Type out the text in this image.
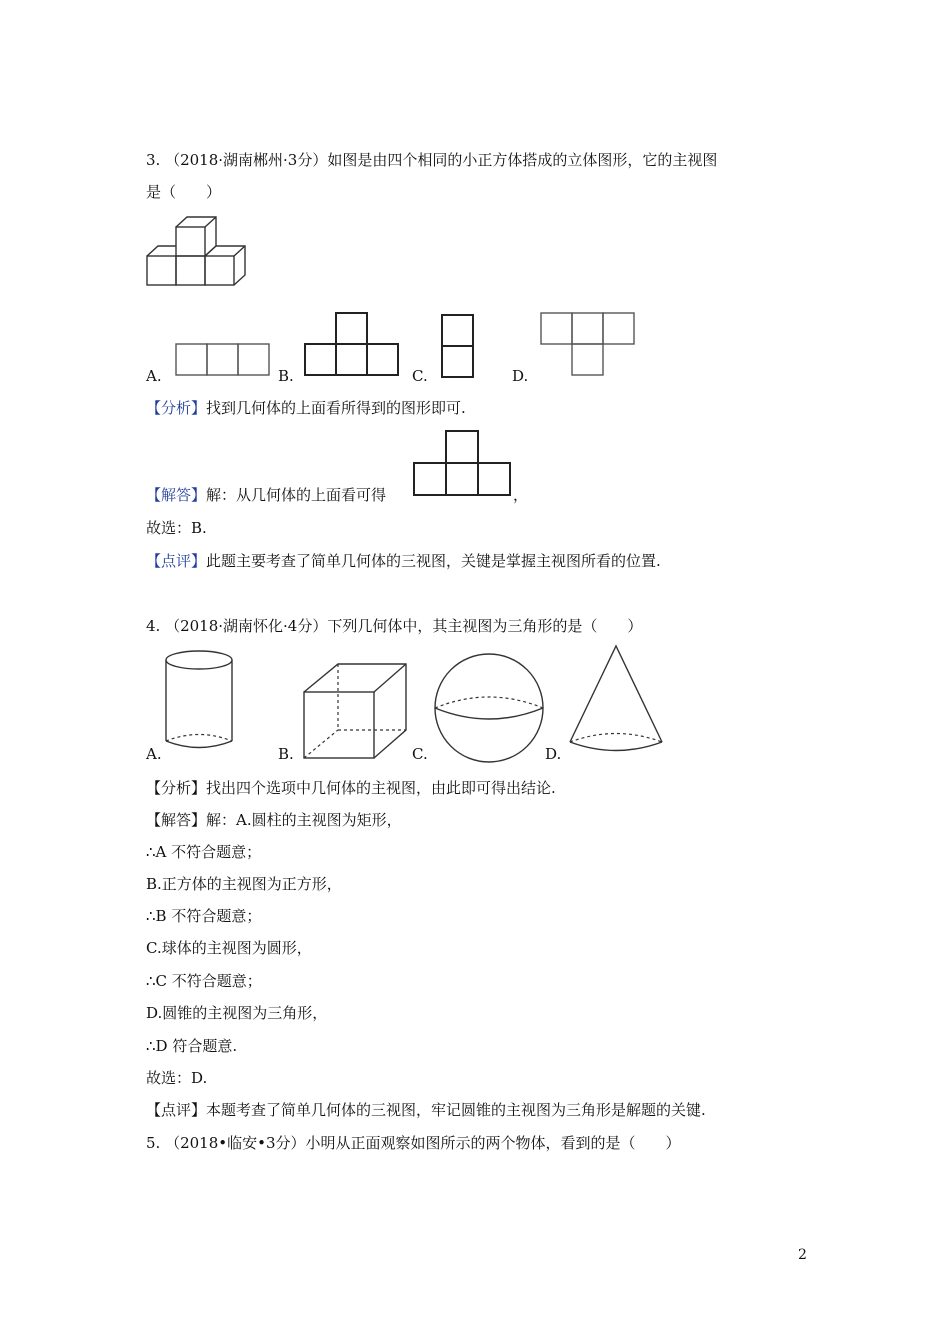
3. （2018·湖南郴州·3分）如图是由四个相同的小正方体搭成的立体图形，它的主视图
是（　　）
A.	B.	C.	D.
【分析】找到几何体的上面看所得到的图形即可.
【解答】解：从几何体的上面看可得	，
故选：B.
【点评】此题主要考查了简单几何体的三视图，关键是掌握主视图所看的位置.
4. （2018·湖南怀化·4分）下列几何体中，其主视图为三角形的是（　　）
A.	B.	C.	D.
【分析】找出四个选项中几何体的主视图，由此即可得出结论.
【解答】解：A.圆柱的主视图为矩形，
∴A 不符合题意；
B.正方体的主视图为正方形，
∴B 不符合题意；
C.球体的主视图为圆形，
∴C 不符合题意；
D.圆锥的主视图为三角形，
∴D 符合题意.
故选：D.
【点评】本题考查了简单几何体的三视图，牢记圆锥的主视图为三角形是解题的关键.
5. （2018•临安•3分）小明从正面观察如图所示的两个物体，看到的是（　　）
2
